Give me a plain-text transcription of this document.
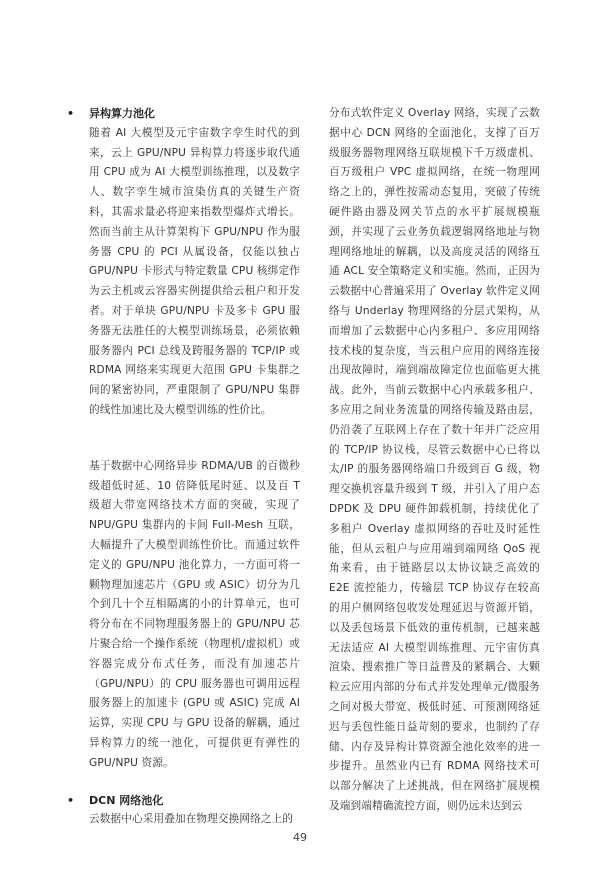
• 异构算力池化

随着 AI 大模型及元宇宙数字孪生时代的到来，云上 GPU/NPU 异构算力将逐步取代通用 CPU 成为 AI 大模型训练推理，以及数字人、数字孪生城市渲染仿真的关键生产资料，其需求量必将迎来指数型爆炸式增长。然而当前主从计算架构下 GPU/NPU 作为服务器 CPU 的 PCI 从属设备，仅能以独占 GPU/NPU 卡形式与特定数量 CPU 核绑定作为云主机或云容器实例提供给云租户和开发者。对于单块 GPU/NPU 卡及多卡 GPU 服务器无法胜任的大模型训练场景，必须依赖服务器内 PCI 总线及跨服务器的 TCP/IP 或 RDMA 网络来实现更大范围 GPU 卡集群之间的紧密协同，严重限制了 GPU/NPU 集群的线性加速比及大模型训练的性价比。

基于数据中心网络异步 RDMA/UB 的百微秒级超低时延、10 倍降低尾时延、以及百 T 级超大带宽网络技术方面的突破，实现了 NPU/GPU 集群内的卡间 Full-Mesh 互联，大幅提升了大模型训练性价比。而通过软件定义的 GPU/NPU 池化算力，一方面可将一颗物理加速芯片（GPU 或 ASIC）切分为几个到几十个互相隔离的小的计算单元，也可将分布在不同物理服务器上的 GPU/NPU 芯片聚合给一个操作系统（物理机/虚拟机）或容器完成分布式任务，而没有加速芯片（GPU/NPU）的 CPU 服务器也可调用远程服务器上的加速卡 (GPU 或 ASIC) 完成 AI 运算，实现 CPU 与 GPU 设备的解耦，通过异构算力的统一池化，可提供更有弹性的 GPU/NPU 资源。

• DCN 网络池化

云数据中心采用叠加在物理交换网络之上的

分布式软件定义 Overlay 网络，实现了云数据中心 DCN 网络的全面池化，支撑了百万级服务器物理网络互联规模下千万级虚机、百万级租户 VPC 虚拟网络，在统一物理网络之上的，弹性按需动态复用，突破了传统硬件路由器及网关节点的水平扩展规模瓶颈，并实现了云业务负载逻辑网络地址与物理网络地址的解耦，以及高度灵活的网络互通 ACL 安全策略定义和实施。然而，正因为云数据中心普遍采用了 Overlay 软件定义网络与 Underlay 物理网络的分层式架构，从而增加了云数据中心内多租户、多应用网络技术栈的复杂度，当云租户应用的网络连接出现故障时，端到端故障定位也面临更大挑战。此外，当前云数据中心内承载多租户、多应用之间业务流量的网络传输及路由层，仍沿袭了互联网上存在了数十年并广泛应用的 TCP/IP 协议栈，尽管云数据中心已将以太/IP 的服务器网络端口升级到百 G 级，物理交换机容量升级到 T 级，并引入了用户态 DPDK 及 DPU 硬件卸载机制，持续优化了多租户 Overlay 虚拟网络的吞吐及时延性能，但从云租户与应用端到端网络 QoS 视角来看，由于链路层以太协议缺乏高效的 E2E 流控能力，传输层 TCP 协议存在较高的用户侧网络包收发处理延迟与资源开销，以及丢包场景下低效的重传机制，已越来越无法适应 AI 大模型训练推理、元宇宙仿真渲染、搜索推广等日益普及的紧耦合、大颗粒云应用内部的分布式并发处理单元/微服务之间对极大带宽、极低时延、可预测网络延迟与丢包性能日益苛刻的要求，也制约了存储、内存及异构计算资源全池化效率的进一步提升。虽然业内已有 RDMA 网络技术可以部分解决了上述挑战，但在网络扩展规模及端到端精确流控方面，则仍远未达到云

49
